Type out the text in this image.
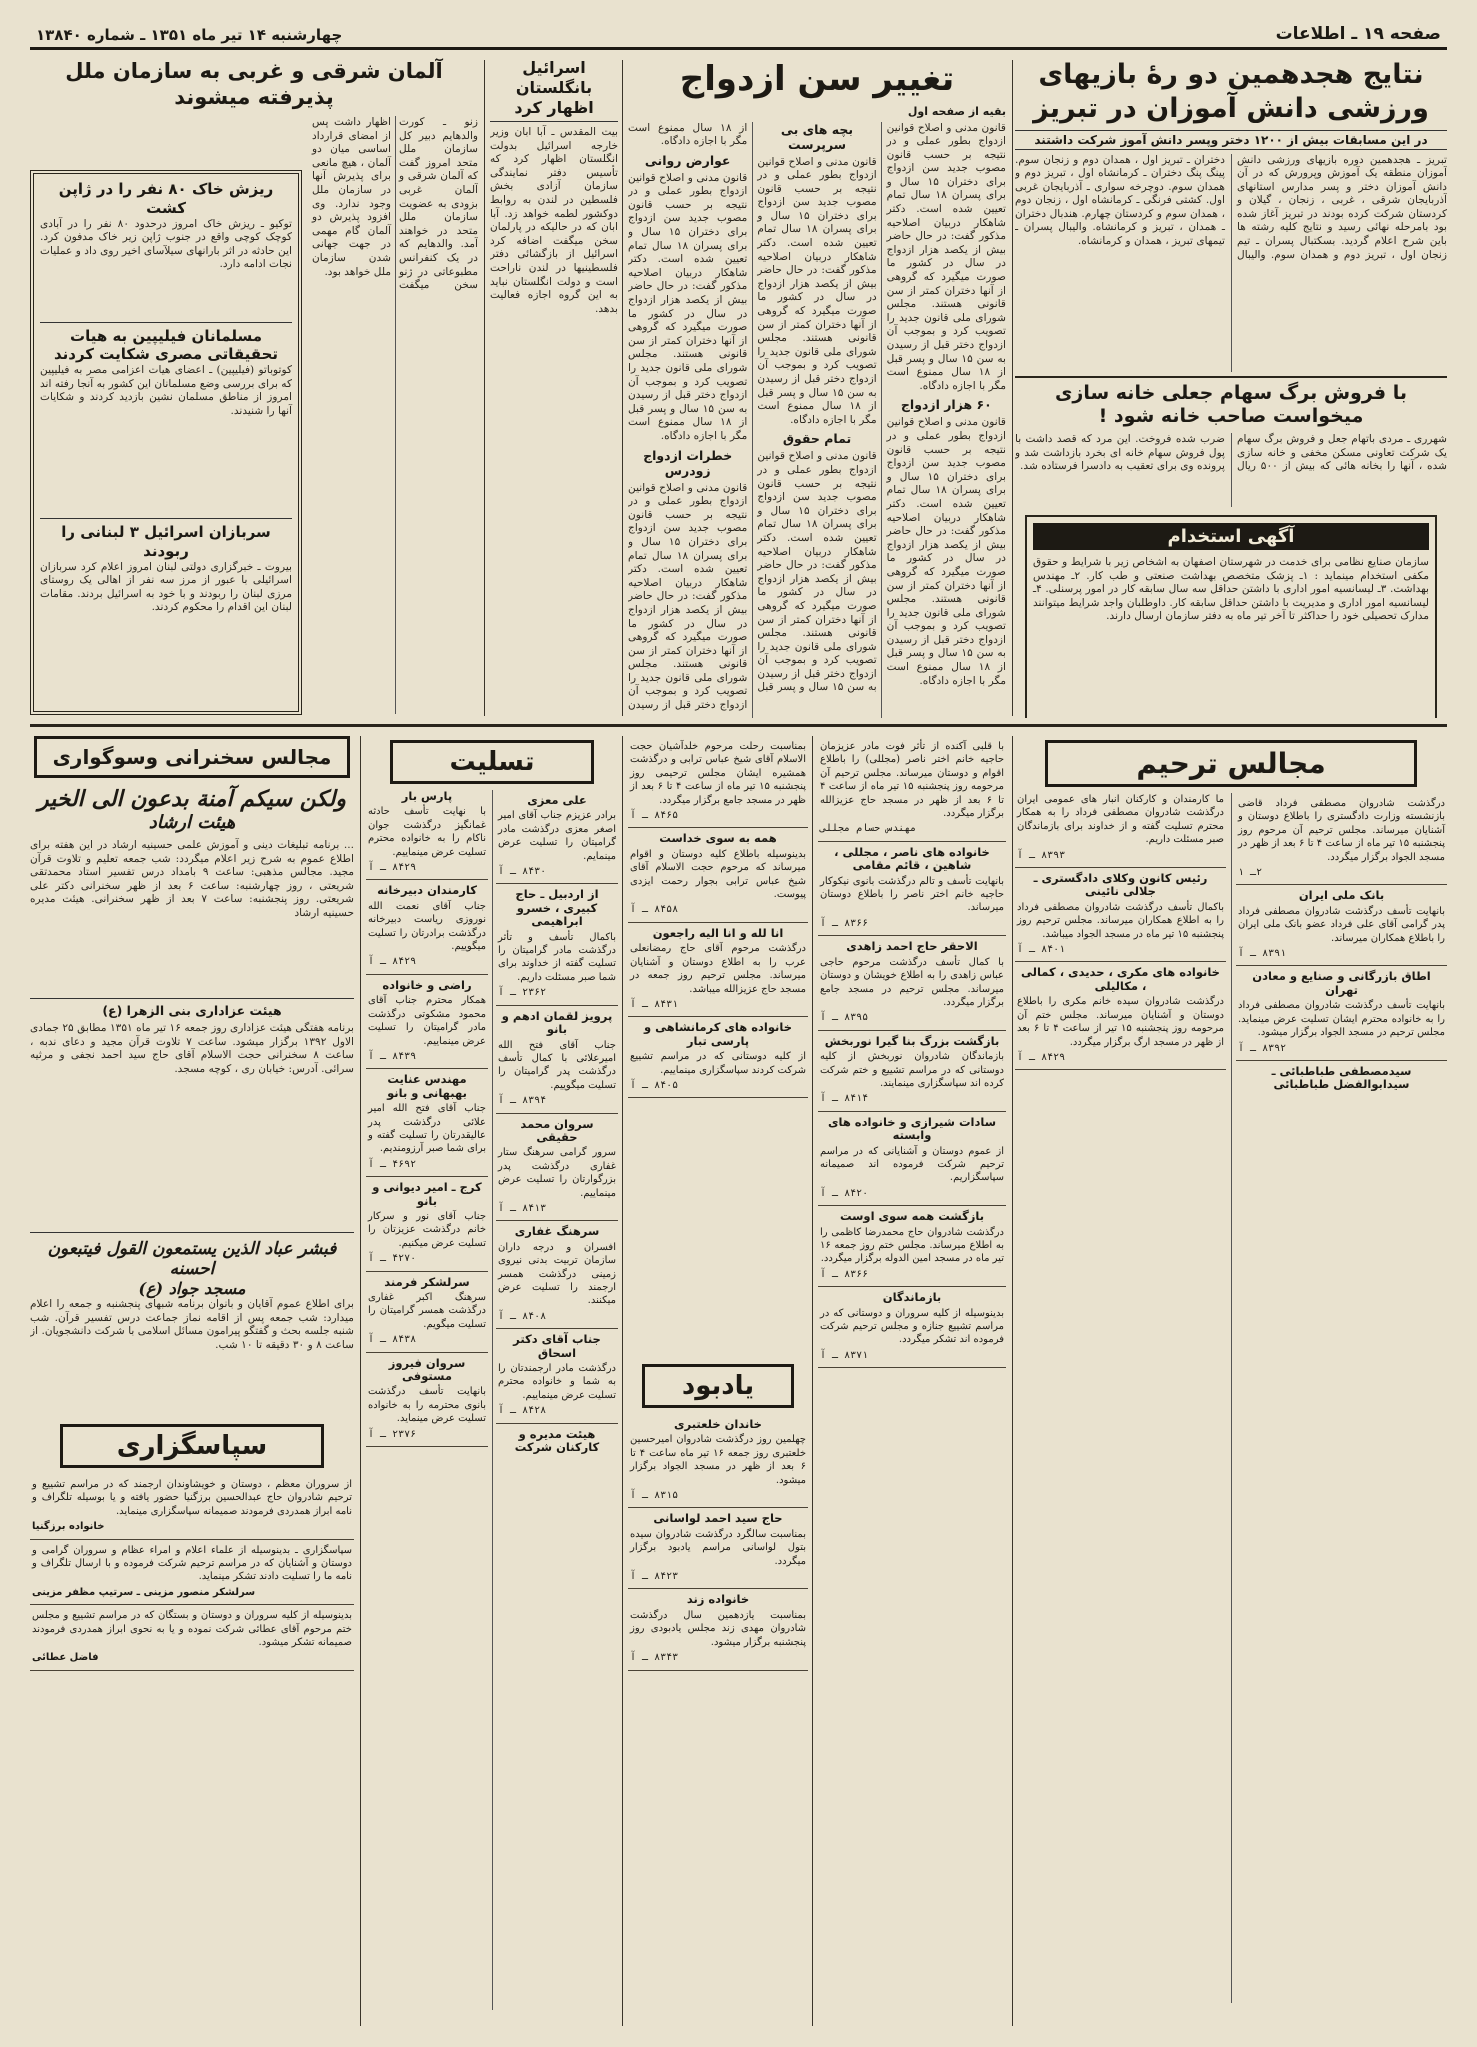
صفحه ۱۹ ـ اطلاعات
چهارشنبه ۱۴ تیر ماه ۱۳۵۱ ـ شماره ۱۳۸۴۰
نتایج هجدهمین دو رهٔ بازیهای ورزشی دانش آموزان در تبریز
در این مسابقات بیش از ۱۲۰۰ دختر وپسر دانش آموز شرکت داشتند
تبریز ـ هجدهمین دوره بازیهای ورزشی دانش آموزان منطقه یک آموزش وپرورش که در آن دانش آموزان دختر و پسر مدارس استانهای آذربایجان شرقی ، غربی ، زنجان ، گیلان و کردستان شرکت کرده بودند در تبریز آغاز شده بود بامرحله نهائی رسید و نتایج کلیه رشته ها باین شرح اعلام گردید. بسکتبال پسران ـ تیم زنجان اول ، تبریز دوم و همدان سوم. والیبال دختران ـ تبریز اول ، همدان دوم و زنجان سوم. پینگ پنگ دختران ـ کرمانشاه اول ، تبریز دوم و همدان سوم. دوچرخه سواری ـ آذربایجان غربی اول. کشتی فرنگی ـ کرمانشاه اول ، زنجان دوم ، همدان سوم و کردستان چهارم. هندبال دختران ـ همدان ، تبریز و کرمانشاه. والیبال پسران ـ تیمهای تبریز ، همدان و کرمانشاه.
با فروش برگ سهام جعلی خانه سازی میخواست صاحب خانه شود !
شهرری ـ مردی باتهام جعل و فروش برگ سهام یک شرکت تعاونی مسکن مخفی و خانه سازی شده ، آنها را بخانه هائی که بیش از ۵۰۰ ریال ضرب شده فروخت. این مرد که قصد داشت با پول فروش سهام خانه ای بخرد بازداشت شد و پرونده وی برای تعقیب به دادسرا فرستاده شد.
آگهی استخدام
سازمان صنایع نظامی برای خدمت در شهرستان اصفهان به اشخاص زیر با شرایط و حقوق مکفی استخدام مینماید : ۱ـ پزشک متخصص بهداشت صنعتی و طب کار. ۲ـ مهندس بهداشت. ۳ـ لیسانسیه امور اداری با داشتن حداقل سه سال سابقه کار در امور پرسنلی. ۴ـ لیسانسیه امور اداری و مدیریت با داشتن حداقل سابقه کار. داوطلبان واجد شرایط میتوانند مدارک تحصیلی خود را حداکثر تا آخر تیر ماه به دفتر سازمان ارسال دارند.
تغییر سن ازدواج
بقیه از صفحه اول
قانون مدنی و اصلاح قوانین ازدواج بطور عملی و در نتیجه بر حسب قانون مصوب جدید سن ازدواج برای دختران ۱۵ سال و برای پسران ۱۸ سال تمام تعیین شده است. دکتر شاهکار دربیان اصلاحیه مذکور گفت: در حال حاضر بیش از یکصد هزار ازدواج در سال در کشور ما صورت میگیرد که گروهی از آنها دختران کمتر از سن قانونی هستند. مجلس شورای ملی قانون جدید را تصویب کرد و بموجب آن ازدواج دختر قبل از رسیدن به سن ۱۵ سال و پسر قبل از ۱۸ سال ممنوع است مگر با اجازه دادگاه.
۶۰ هزار ازدواج
قانون مدنی و اصلاح قوانین ازدواج بطور عملی و در نتیجه بر حسب قانون مصوب جدید سن ازدواج برای دختران ۱۵ سال و برای پسران ۱۸ سال تمام تعیین شده است. دکتر شاهکار دربیان اصلاحیه مذکور گفت: در حال حاضر بیش از یکصد هزار ازدواج در سال در کشور ما صورت میگیرد که گروهی از آنها دختران کمتر از سن قانونی هستند. مجلس شورای ملی قانون جدید را تصویب کرد و بموجب آن ازدواج دختر قبل از رسیدن به سن ۱۵ سال و پسر قبل از ۱۸ سال ممنوع است مگر با اجازه دادگاه.
بچه های بی سرپرست
قانون مدنی و اصلاح قوانین ازدواج بطور عملی و در نتیجه بر حسب قانون مصوب جدید سن ازدواج برای دختران ۱۵ سال و برای پسران ۱۸ سال تمام تعیین شده است. دکتر شاهکار دربیان اصلاحیه مذکور گفت: در حال حاضر بیش از یکصد هزار ازدواج در سال در کشور ما صورت میگیرد که گروهی از آنها دختران کمتر از سن قانونی هستند. مجلس شورای ملی قانون جدید را تصویب کرد و بموجب آن ازدواج دختر قبل از رسیدن به سن ۱۵ سال و پسر قبل از ۱۸ سال ممنوع است مگر با اجازه دادگاه.
تمام حقوق
قانون مدنی و اصلاح قوانین ازدواج بطور عملی و در نتیجه بر حسب قانون مصوب جدید سن ازدواج برای دختران ۱۵ سال و برای پسران ۱۸ سال تمام تعیین شده است. دکتر شاهکار دربیان اصلاحیه مذکور گفت: در حال حاضر بیش از یکصد هزار ازدواج در سال در کشور ما صورت میگیرد که گروهی از آنها دختران کمتر از سن قانونی هستند. مجلس شورای ملی قانون جدید را تصویب کرد و بموجب آن ازدواج دختر قبل از رسیدن به سن ۱۵ سال و پسر قبل از ۱۸ سال ممنوع است مگر با اجازه دادگاه.
عوارض روانی
قانون مدنی و اصلاح قوانین ازدواج بطور عملی و در نتیجه بر حسب قانون مصوب جدید سن ازدواج برای دختران ۱۵ سال و برای پسران ۱۸ سال تمام تعیین شده است. دکتر شاهکار دربیان اصلاحیه مذکور گفت: در حال حاضر بیش از یکصد هزار ازدواج در سال در کشور ما صورت میگیرد که گروهی از آنها دختران کمتر از سن قانونی هستند. مجلس شورای ملی قانون جدید را تصویب کرد و بموجب آن ازدواج دختر قبل از رسیدن به سن ۱۵ سال و پسر قبل از ۱۸ سال ممنوع است مگر با اجازه دادگاه.
خطرات ازدواج زودرس
قانون مدنی و اصلاح قوانین ازدواج بطور عملی و در نتیجه بر حسب قانون مصوب جدید سن ازدواج برای دختران ۱۵ سال و برای پسران ۱۸ سال تمام تعیین شده است. دکتر شاهکار دربیان اصلاحیه مذکور گفت: در حال حاضر بیش از یکصد هزار ازدواج در سال در کشور ما صورت میگیرد که گروهی از آنها دختران کمتر از سن قانونی هستند. مجلس شورای ملی قانون جدید را تصویب کرد و بموجب آن ازدواج دختر قبل از رسیدن
اسرائیل بانگلستان اظهار کرد
بیت المقدس ـ آبا ابان وزیر خارجه اسرائیل بدولت انگلستان اظهار کرد که تأسیس دفتر نمایندگی سازمان آزادی بخش فلسطین در لندن به روابط دوکشور لطمه خواهد زد. آبا ابان که در حالیکه در پارلمان سخن میگفت اضافه کرد اسرائیل از بازگشائی دفتر فلسطینیها در لندن ناراحت است و دولت انگلستان نباید به این گروه اجازه فعالیت بدهد.
آلمان شرقی و غربی به سازمان ملل پذیرفته میشوند
ریزش خاک ۸۰ نفر را در ژاپن کشت
توکیو ـ ریزش خاک امروز درحدود ۸۰ نفر را در آبادی کوچک کوچی واقع در جنوب ژاپن زیر خاک مدفون کرد. این حادثه در اثر بارانهای سیلآسای اخیر روی داد و عملیات نجات ادامه دارد.
مسلمانان فیلیپین به هیات تحقیقاتی مصری شکایت کردند
کوتوباتو (فیلیپین) ـ اعضای هیات اعزامی مصر به فیلیپین که برای بررسی وضع مسلمانان این کشور به آنجا رفته اند امروز از مناطق مسلمان نشین بازدید کردند و شکایات آنها را شنیدند.
سربازان اسرائیل ۳ لبنانی را ربودند
بیروت ـ خبرگزاری دولتی لبنان امروز اعلام کرد سربازان اسرائیلی با عبور از مرز سه نفر از اهالی یک روستای مرزی لبنان را ربودند و با خود به اسرائیل بردند. مقامات لبنان این اقدام را محکوم کردند.
زنو ـ کورت والدهایم دبیر کل سازمان ملل متحد امروز گفت که آلمان شرقی و آلمان غربی بزودی به عضویت سازمان ملل متحد در خواهند آمد. والدهایم که در یک کنفرانس مطبوعاتی در ژنو سخن میگفت اظهار داشت پس از امضای قرارداد اساسی میان دو آلمان ، هیچ مانعی برای پذیرش آنها در سازمان ملل وجود ندارد. وی افزود پذیرش دو آلمان گام مهمی در جهت جهانی شدن سازمان ملل خواهد بود.
مجالس ترحیم
درگذشت شادروان مصطفی فرداد قاضی بازنشسته وزارت دادگستری را باطلاع دوستان و آشنایان میرساند. مجلس ترحیم آن مرحوم روز پنجشنبه ۱۵ تیر ماه از ساعت ۴ تا ۶ بعد از ظهر در مسجد الجواد برگزار میگردد.
۲ـ ۱
بانک ملی ایران
بانهایت تأسف درگذشت شادروان مصطفی فرداد پدر گرامی آقای علی فرداد عضو بانک ملی ایران را باطلاع همکاران میرساند.
۸۳۹۱ ـ آ
اطاق بازرگانی و صنایع و معادن تهران
بانهایت تأسف درگذشت شادروان مصطفی فرداد را به خانواده محترم ایشان تسلیت عرض مینماید. مجلس ترحیم در مسجد الجواد برگزار میشود.
۸۳۹۲ ـ آ
سیدمصطفی طباطبائی ـ سیدابوالفضل طباطبائی
ما کارمندان و کارکنان انبار های عمومی ایران درگذشت شادروان مصطفی فرداد را به همکار محترم تسلیت گفته و از خداوند برای بازماندگان صبر مسئلت داریم.
۸۳۹۳ ـ آ
رئیس کانون وکلای دادگستری ـ جلالی نائینی
باکمال تأسف درگذشت شادروان مصطفی فرداد را به اطلاع همکاران میرساند. مجلس ترحیم روز پنجشنبه ۱۵ تیر ماه در مسجد الجواد میباشد.
۸۴۰۱ ـ آ
خانواده های مکری ، حدیدی ، کمالی ، مکالیلی
درگذشت شادروان سیده خانم مکری را باطلاع دوستان و آشنایان میرساند. مجلس ختم آن مرحومه روز پنجشنبه ۱۵ تیر از ساعت ۴ تا ۶ بعد از ظهر در مسجد ارگ برگزار میگردد.
۸۴۲۹ ـ آ
با قلبی آکنده از تأثر فوت مادر عزیزمان حاجیه خانم اختر ناصر (مجللی) را باطلاع اقوام و دوستان میرساند. مجلس ترحیم آن مرحومه روز پنجشنبه ۱۵ تیر ماه از ساعت ۴ تا ۶ بعد از ظهر در مسجد حاج عزیزالله برگزار میگردد.
مهندس حسام مجللی
خانواده های ناصر ، مجللی ، شاهین ، قائم مقامی
بانهایت تأسف و تالم درگذشت بانوی نیکوکار حاجیه خانم اختر ناصر را باطلاع دوستان میرساند.
۸۳۶۶ ـ آ
الاحقر حاج احمد زاهدی
با کمال تأسف درگذشت مرحوم حاجی عباس زاهدی را به اطلاع خویشان و دوستان میرساند. مجلس ترحیم در مسجد جامع برگزار میگردد.
۸۳۹۵ ـ آ
بازگشت بزرگ بنا گیرا نوربخش
بازماندگان شادروان نوربخش از کلیه دوستانی که در مراسم تشییع و ختم شرکت کرده اند سپاسگزاری مینمایند.
۸۴۱۴ ـ آ
سادات شیرازی و خانواده های وابسته
از عموم دوستان و آشنایانی که در مراسم ترحیم شرکت فرموده اند صمیمانه سپاسگزاریم.
۸۴۲۰ ـ آ
بازگشت همه سوی اوست
درگذشت شادروان حاج محمدرضا کاظمی را به اطلاع میرساند. مجلس ختم روز جمعه ۱۶ تیر ماه در مسجد امین الدوله برگزار میگردد.
۸۳۶۶ ـ آ
بازماندگان
بدینوسیله از کلیه سروران و دوستانی که در مراسم تشییع جنازه و مجلس ترحیم شرکت فرموده اند تشکر میگردد.
۸۳۷۱ ـ آ
بمناسبت رحلت مرحوم خلدآشیان حجت الاسلام آقای شیخ عباس ترابی و درگذشت همشیره ایشان مجلس ترحیمی روز پنجشنبه ۱۵ تیر ماه از ساعت ۴ تا ۶ بعد از ظهر در مسجد جامع برگزار میگردد.
۸۴۶۵ ـ آ
همه به سوی خداست
بدینوسیله باطلاع کلیه دوستان و اقوام میرساند که مرحوم حجت الاسلام آقای شیخ عباس ترابی بجوار رحمت ایزدی پیوست.
۸۴۵۸ ـ آ
انا لله و انا الیه راجعون
درگذشت مرحوم آقای حاج رمضانعلی عرب را به اطلاع دوستان و آشنایان میرساند. مجلس ترحیم روز جمعه در مسجد حاج عزیزالله میباشد.
۸۴۳۱ ـ آ
خانواده های کرمانشاهی و پارسی تبار
از کلیه دوستانی که در مراسم تشییع شرکت کردند سپاسگزاری مینماییم.
۸۴۰۵ ـ آ
یادبود
خاندان خلعتبری
چهلمین روز درگذشت شادروان امیرحسین خلعتبری روز جمعه ۱۶ تیر ماه ساعت ۴ تا ۶ بعد از ظهر در مسجد الجواد برگزار میشود.
۸۳۱۵ ـ آ
حاج سید احمد لواسانی
بمناسبت سالگرد درگذشت شادروان سیده بتول لواسانی مراسم یادبود برگزار میگردد.
۸۴۲۳ ـ آ
خانواده زند
بمناسبت یازدهمین سال درگذشت شادروان مهدی زند مجلس یادبودی روز پنجشنبه برگزار میشود.
۸۳۴۳ ـ آ
تسلیت
علی معزی
برادر عزیزم جناب آقای امیر اصغر معزی درگذشت مادر گرامیتان را تسلیت عرض مینمایم.
۸۴۳۰ ـ آ
از اردبیل ـ حاج کبیری ، خسرو ابراهیمی
باکمال تأسف و تأثر درگذشت مادر گرامیتان را تسلیت گفته از خداوند برای شما صبر مسئلت داریم.
۲۳۶۲ ـ آ
پرویز لقمان ادهم و بانو
جناب آقای فتح الله امیرعلائی با کمال تأسف درگذشت پدر گرامیتان را تسلیت میگوییم.
۸۳۹۴ ـ آ
سروان محمد حقیقی
سرور گرامی سرهنگ ستار غفاری درگذشت پدر بزرگوارتان را تسلیت عرض مینماییم.
۸۴۱۳ ـ آ
سرهنگ غفاری
افسران و درجه داران سازمان تربیت بدنی نیروی زمینی درگذشت همسر ارجمند را تسلیت عرض میکنند.
۸۴۰۸ ـ آ
جناب آقای دکتر اسحاق
درگذشت مادر ارجمندتان را به شما و خانواده محترم تسلیت عرض مینماییم.
۸۴۲۸ ـ آ
هیئت مدیره و کارکنان شرکت پارس بار
با نهایت تأسف حادثه غمانگیز درگذشت جوان ناکام را به خانواده محترم تسلیت عرض مینماییم.
۸۴۲۹ ـ آ
کارمندان دبیرخانه
جناب آقای نعمت الله نوروزی ریاست دبیرخانه درگذشت برادرتان را تسلیت میگوییم.
۸۴۲۹ ـ آ
راضی و خانواده
همکار محترم جناب آقای محمود مشکوتی درگذشت مادر گرامیتان را تسلیت عرض مینماییم.
۸۴۳۹ ـ آ
مهندس عنایت بهبهانی و بانو
جناب آقای فتح الله امیر علائی درگذشت پدر عالیقدرتان را تسلیت گفته و برای شما صبر آرزومندیم.
۴۶۹۲ ـ آ
کرج ـ امیر دیوانی و بانو
جناب آقای نور و سرکار خانم درگذشت عزیزتان را تسلیت عرض میکنیم.
۴۲۷۰ ـ آ
سرلشکر فرمند
سرهنگ اکبر غفاری درگذشت همسر گرامیتان را تسلیت میگویم.
۸۴۳۸ ـ آ
سروان فیروز مستوفی
بانهایت تأسف درگذشت بانوی محترمه را به خانواده تسلیت عرض مینماید.
۲۳۷۶ ـ آ
مجالس سخنرانی وسوگواری
ولکن سیکم آمنة بدعون الی الخیر
هیئت ارشاد
... برنامه تبلیغات دینی و آموزش علمی حسینیه ارشاد در این هفته برای اطلاع عموم به شرح زیر اعلام میگردد: شب جمعه تعلیم و تلاوت قرآن مجید. مجالس مذهبی: ساعت ۹ بامداد درس تفسیر استاد محمدتقی شریعتی ، روز چهارشنبه: ساعت ۶ بعد از ظهر سخنرانی دکتر علی شریعتی. روز پنجشنبه: ساعت ۷ بعد از ظهر سخنرانی. هیئت مدیره حسینیه ارشاد
هیئت عزاداری بنی الزهرا (ع)
برنامه هفتگی هیئت عزاداری روز جمعه ۱۶ تیر ماه ۱۳۵۱ مطابق ۲۵ جمادی الاول ۱۳۹۲ برگزار میشود. ساعت ۷ تلاوت قرآن مجید و دعای ندبه ، ساعت ۸ سخنرانی حجت الاسلام آقای حاج سید احمد نجفی و مرثیه سرائی. آدرس: خیابان ری ، کوچه مسجد.
فبشر عباد الذین یستمعون القول فیتبعون احسنه
مسجد جواد (ع)
برای اطلاع عموم آقایان و بانوان برنامه شبهای پنجشنبه و جمعه را اعلام میدارد: شب جمعه پس از اقامه نماز جماعت درس تفسیر قرآن. شب شنبه جلسه بحث و گفتگو پیرامون مسائل اسلامی با شرکت دانشجویان. از ساعت ۸ و ۳۰ دقیقه تا ۱۰ شب.
سپاسگزاری
از سروران معظم ، دوستان و خویشاوندان ارجمند که در مراسم تشییع و ترحیم شادروان حاج عبدالحسین برزگنیا حضور یافته و یا بوسیله تلگراف و نامه ابراز همدردی فرمودند صمیمانه سپاسگزاری مینماید.
خانواده برزگنیا
سپاسگزاری ـ بدینوسیله از علماء اعلام و امراء عظام و سروران گرامی و دوستان و آشنایان که در مراسم ترحیم شرکت فرموده و با ارسال تلگراف و نامه ما را تسلیت دادند تشکر مینماید.
سرلشکر منصور مزینی ـ سرتیپ مظفر مزینی
بدینوسیله از کلیه سروران و دوستان و بستگان که در مراسم تشییع و مجلس ختم مرحوم آقای عطائی شرکت نموده و یا به نحوی ابراز همدردی فرمودند صمیمانه تشکر میشود.
فاضل عطائی
